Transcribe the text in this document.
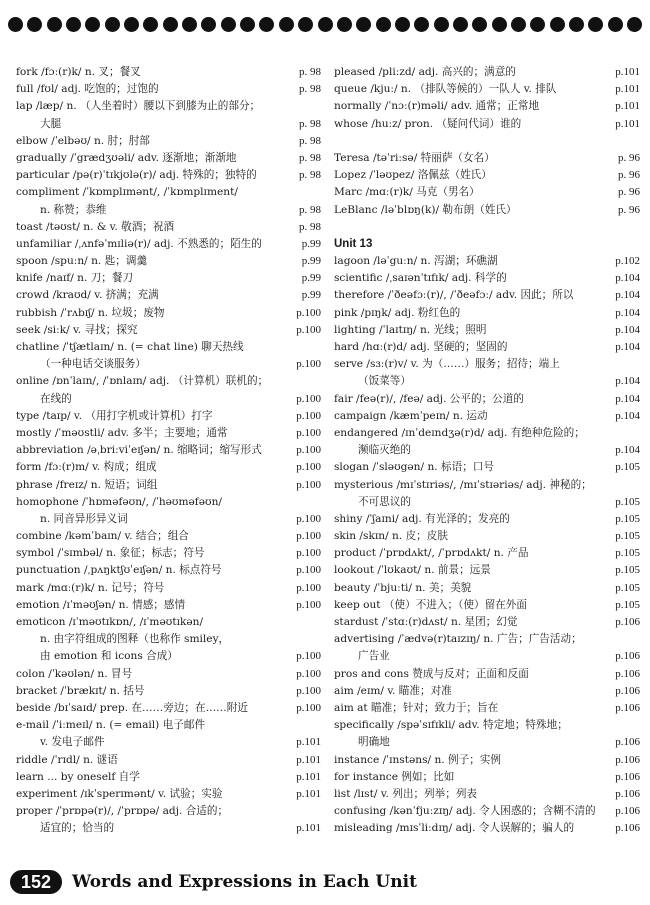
fork /fɔː(r)k/ n. 叉；餐叉	p. 98
full /fʊl/ adj. 吃饱的；过饱的	p. 98
lap /læp/ n. （人坐着时）腰以下到膝为止的部分；
大腿	p. 98
elbow /ˈelbəʊ/ n. 肘；肘部	p. 98
gradually /ˈgrædʒʊəli/ adv. 逐渐地；渐渐地	p. 98
particular /pə(r)ˈtɪkjʊlə(r)/ adj. 特殊的；独特的	p. 98
compliment /ˈkɒmplɪmənt/, /ˈkɒmplɪment/
n. 称赞；恭维	p. 98
toast /təʊst/ n. & v. 敬酒；祝酒	p. 98
unfamiliar /ˌʌnfəˈmɪliə(r)/ adj. 不熟悉的；陌生的	p.99
spoon /spuːn/ n. 匙；调羹	p.99
knife /naɪf/ n. 刀；餐刀	p.99
crowd /kraʊd/ v. 挤满；充满	p.99
rubbish /ˈrʌbɪʃ/ n. 垃圾；废物	p.100
seek /siːk/ v. 寻找；探究	p.100
chatline /ˈtʃætlaɪn/ n. (= chat line) 聊天热线
（一种电话交谈服务）	p.100
online /ɒnˈlaɪn/, /ˈɒnlaɪn/ adj. （计算机）联机的；
在线的	p.100
type /taɪp/ v. （用打字机或计算机）打字	p.100
mostly /ˈməʊstli/ adv. 多半；主要地；通常	p.100
abbreviation /əˌbriːviˈeɪʃən/ n. 缩略词；缩写形式	p.100
form /fɔː(r)m/ v. 构成；组成	p.100
phrase /freɪz/ n. 短语；词组	p.100
homophone /ˈhɒməfəʊn/, /ˈhəʊməfəʊn/
n. 同音异形异义词	p.100
combine /kəmˈbaɪn/ v. 结合；组合	p.100
symbol /ˈsɪmbəl/ n. 象征；标志；符号	p.100
punctuation /ˌpʌŋktʃʊˈeɪʃən/ n. 标点符号	p.100
mark /mɑː(r)k/ n. 记号；符号	p.100
emotion /ɪˈməʊʃən/ n. 情感；感情	p.100
emoticon /ɪˈməʊtɪkɒn/, /ɪˈməʊtɪkən/
n. 由字符组成的图释（也称作 smiley，
由 emotion 和 icons 合成）	p.100
colon /ˈkəʊlən/ n. 冒号	p.100
bracket /ˈbrækɪt/ n. 括号	p.100
beside /bɪˈsaɪd/ prep. 在……旁边；在……附近	p.100
e-mail /ˈiːmeɪl/ n. (= email) 电子邮件
v. 发电子邮件	p.101
riddle /ˈrɪdl/ n. 谜语	p.101
learn ... by oneself 自学	p.101
experiment /ɪkˈsperɪmənt/ v. 试验；实验	p.101
proper /ˈprɒpə(r)/, /ˈprɒpə/ adj. 合适的；
适宜的；恰当的	p.101
pleased /pliːzd/ adj. 高兴的；满意的	p.101
queue /kjuː/ n. （排队等候的）一队人 v. 排队	p.101
normally /ˈnɔː(r)məli/ adv. 通常；正常地	p.101
whose /huːz/ pron. （疑问代词）谁的	p.101
Teresa /təˈriːsə/ 特丽萨（女名）	p. 96
Lopez /ˈləʊpez/ 洛佩兹（姓氏）	p. 96
Marc /mɑː(r)k/ 马克（男名）	p. 96
LeBlanc /ləˈblɒŋ(k)/ 勒布朗（姓氏）	p. 96
Unit 13
lagoon /ləˈguːn/ n. 泻湖；环礁湖	p.102
scientific /ˌsaɪənˈtɪfɪk/ adj. 科学的	p.104
therefore /ˈðeəfɔː(r)/, /ˈðeəfɔː/ adv. 因此；所以	p.104
pink /pɪŋk/ adj. 粉红色的	p.104
lighting /ˈlaɪtɪŋ/ n. 光线；照明	p.104
hard /hɑː(r)d/ adj. 坚硬的；坚固的	p.104
serve /sɜː(r)v/ v. 为（……）服务；招待；端上
（饭菜等）	p.104
fair /feə(r)/, /feə/ adj. 公平的；公道的	p.104
campaign /kæmˈpeɪn/ n. 运动	p.104
endangered /ɪnˈdeɪndʒə(r)d/ adj. 有绝种危险的；
濒临灭绝的	p.104
slogan /ˈsləʊgən/ n. 标语；口号	p.105
mysterious /mɪˈstɪriəs/, /mɪˈstɪəriəs/ adj. 神秘的；
不可思议的	p.105
shiny /ˈʃaɪni/ adj. 有光泽的；发亮的	p.105
skin /skɪn/ n. 皮；皮肤	p.105
product /ˈprɒdʌkt/, /ˈprɒdʌkt/ n. 产品	p.105
lookout /ˈlʊkaʊt/ n. 前景；远景	p.105
beauty /ˈbjuːti/ n. 美；美貌	p.105
keep out （使）不进入；（使）留在外面	p.105
stardust /ˈstɑː(r)dʌst/ n. 星团；幻觉	p.106
advertising /ˈædvə(r)taɪzɪŋ/ n. 广告；广告活动；
广告业	p.106
pros and cons 赞成与反对；正面和反面	p.106
aim /eɪm/ v. 瞄准；对准	p.106
aim at 瞄准；针对；致力于；旨在	p.106
specifically /spəˈsɪfɪkli/ adv. 特定地；特殊地；
明确地	p.106
instance /ˈɪnstəns/ n. 例子；实例	p.106
for instance 例如；比如	p.106
list /lɪst/ v. 列出；列举；列表	p.106
confusing /kənˈfjuːzɪŋ/ adj. 令人困惑的；含糊不清的	p.106
misleading /mɪsˈliːdɪŋ/ adj. 令人误解的；骗人的	p.106
152	Words and Expressions in Each Unit
